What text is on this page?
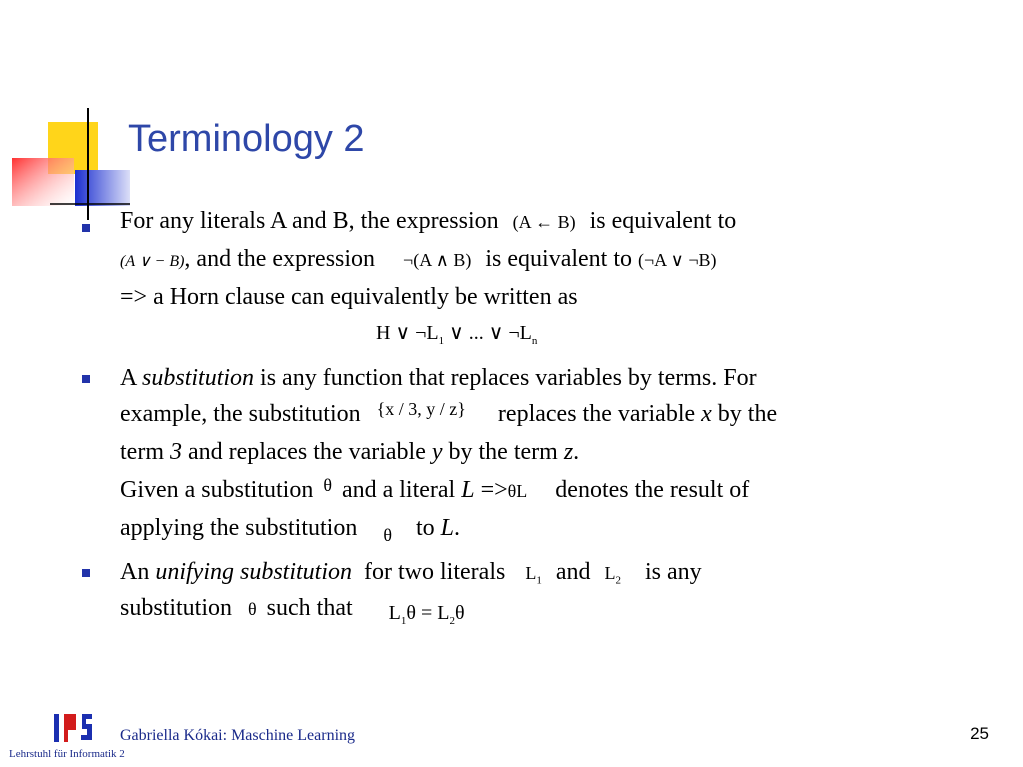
Terminology 2
For any literals A and B, the expression (A ← B) is equivalent to
(A ∨ − B), and the expression ¬(A ∧ B) is equivalent to (¬A ∨ ¬B)
=> a Horn clause can equivalently be written as
H ∨ $\neg L_1$ ∨ ... ∨ $\neg L_n$
A substitution is any function that replaces variables by terms. For
example, the substitution $^{\{x / 3, y / z\}}$ replaces the variable x by the
term 3 and replaces the variable y by the term z.
Given a substitution $^\theta$ and a literal L =>θL denotes the result of
applying the substitution $_\theta$ to L.
An unifying substitution for two literals $L_1$ and $L_2$ is any
substitution θ such that $L_1\theta = L_2\theta$
Gabriella Kókai: Maschine Learning
Lehrstuhl für Informatik 2
25
